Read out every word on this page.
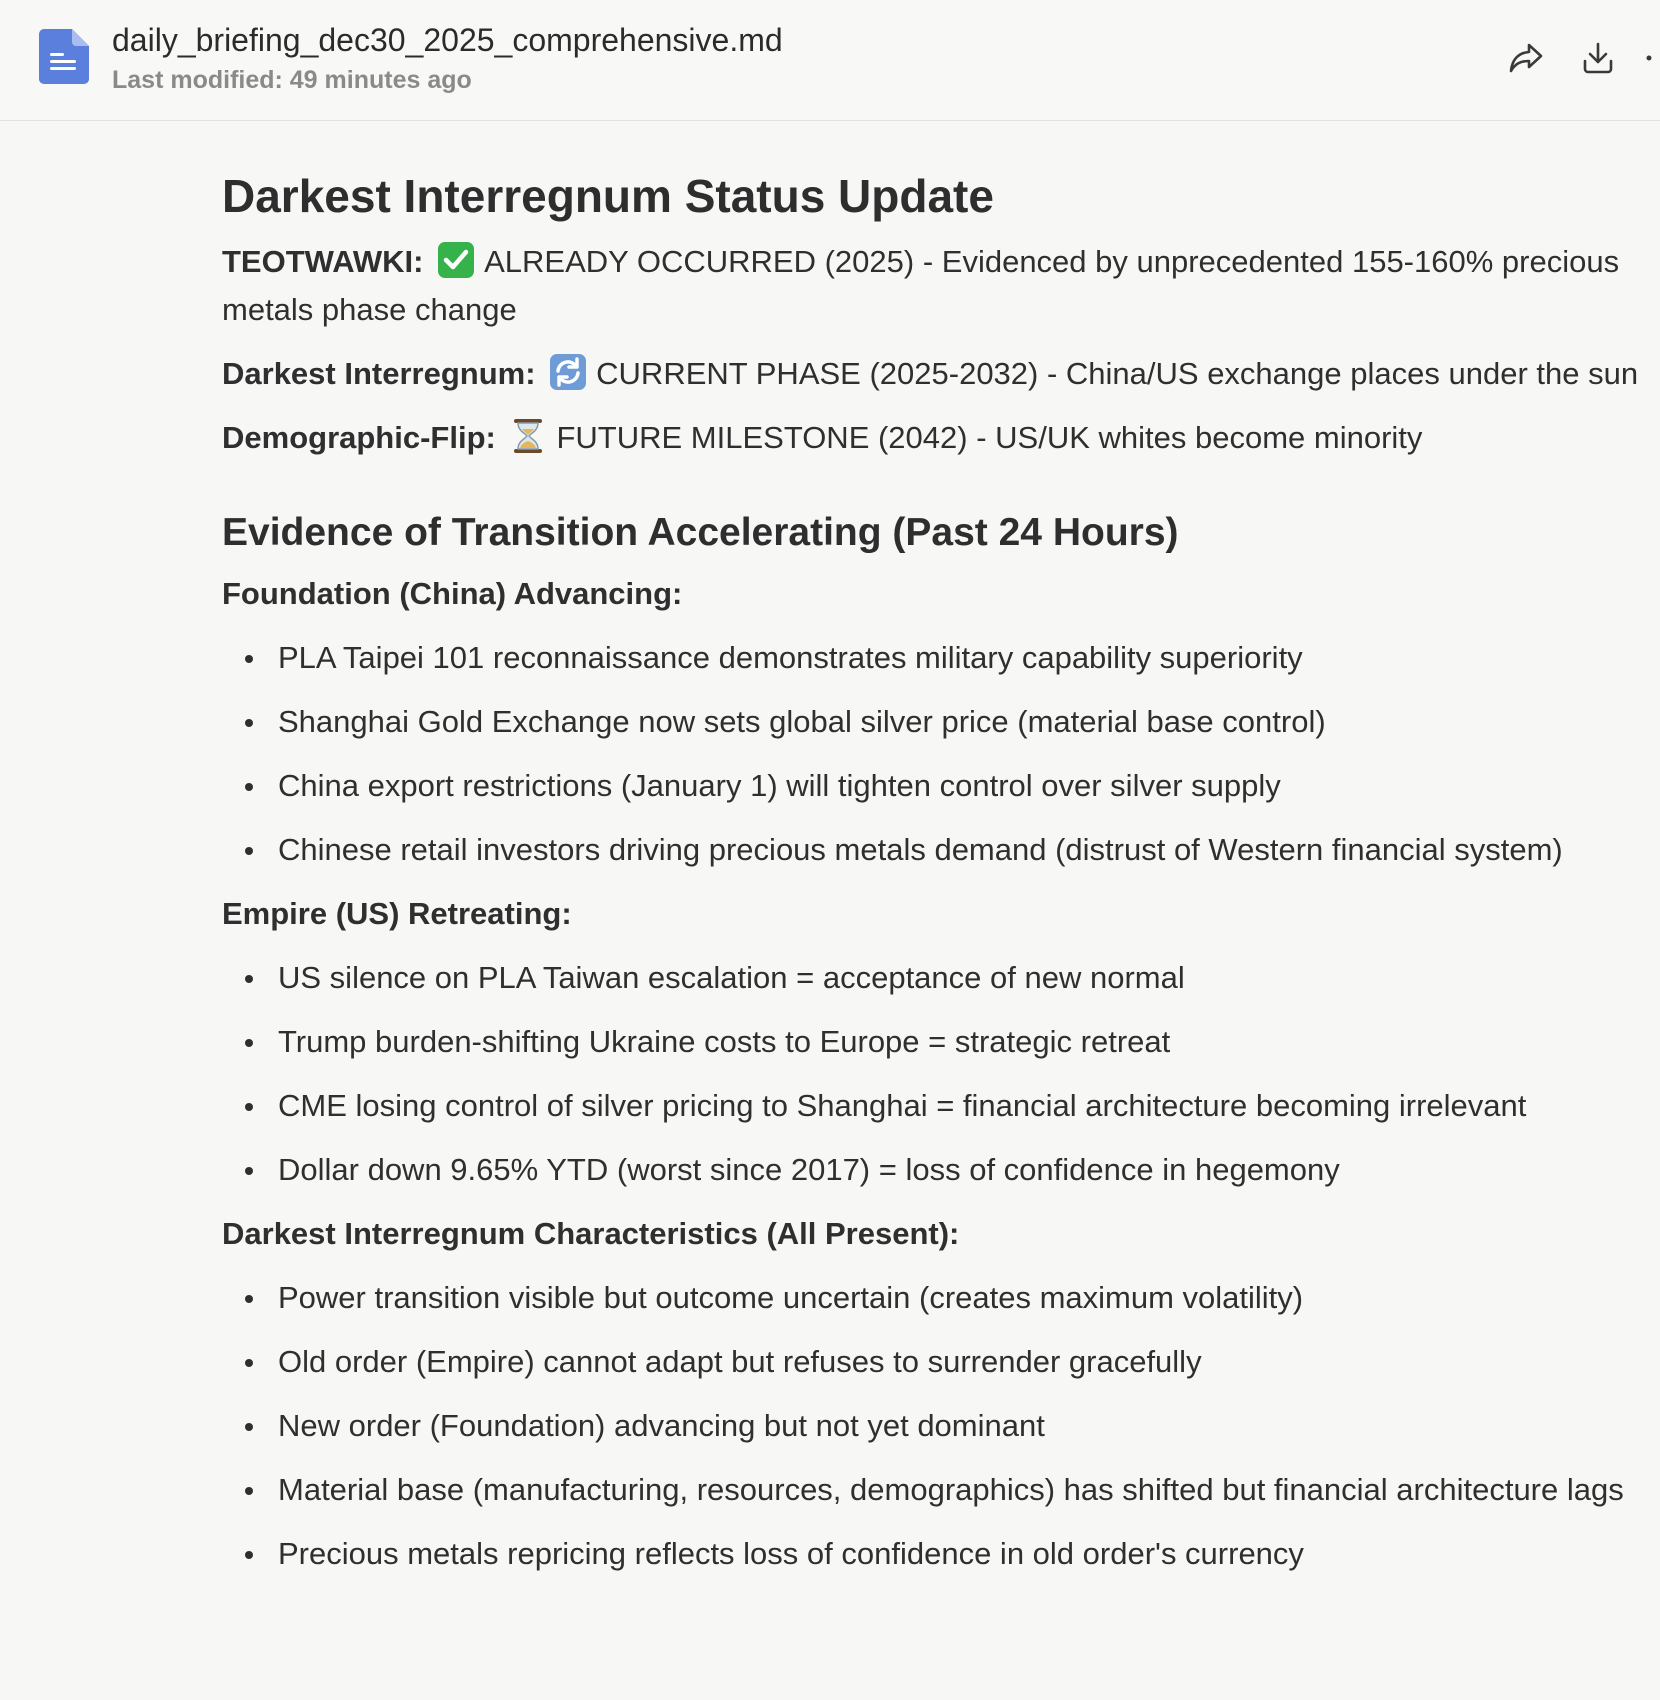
daily_briefing_dec30_2025_comprehensive.md
Last modified: 49 minutes ago
Darkest Interregnum Status Update

TEOTWAWKI: ALREADY OCCURRED (2025) - Evidenced by unprecedented 155-160% precious metals phase change

Darkest Interregnum: CURRENT PHASE (2025-2032) - China/US exchange places under the sun

Demographic-Flip: FUTURE MILESTONE (2042) - US/UK whites become minority

Evidence of Transition Accelerating (Past 24 Hours)

Foundation (China) Advancing:

PLA Taipei 101 reconnaissance demonstrates military capability superiority
Shanghai Gold Exchange now sets global silver price (material base control)
China export restrictions (January 1) will tighten control over silver supply
Chinese retail investors driving precious metals demand (distrust of Western financial system)

Empire (US) Retreating:

US silence on PLA Taiwan escalation = acceptance of new normal
Trump burden-shifting Ukraine costs to Europe = strategic retreat
CME losing control of silver pricing to Shanghai = financial architecture becoming irrelevant
Dollar down 9.65% YTD (worst since 2017) = loss of confidence in hegemony

Darkest Interregnum Characteristics (All Present):

Power transition visible but outcome uncertain (creates maximum volatility)
Old order (Empire) cannot adapt but refuses to surrender gracefully
New order (Foundation) advancing but not yet dominant
Material base (manufacturing, resources, demographics) has shifted but financial architecture lags
Precious metals repricing reflects loss of confidence in old order's currency
